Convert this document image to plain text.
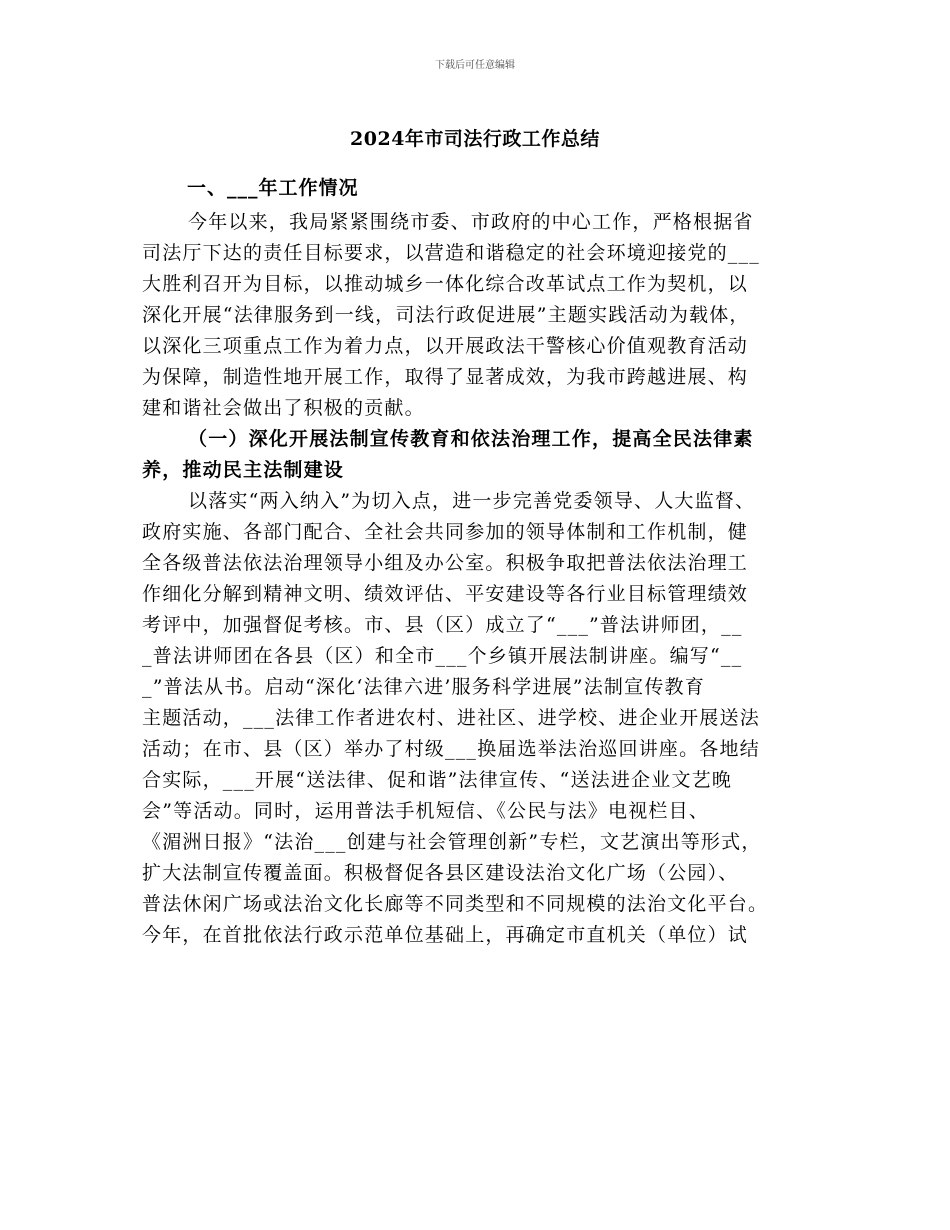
下载后可任意编辑
2024年市司法行政工作总结
一、___年工作情况
今年以来，我局紧紧围绕市委、市政府的中心工作，严格根据省
司法厅下达的责任目标要求，以营造和谐稳定的社会环境迎接党的___
大胜利召开为目标，以推动城乡一体化综合改革试点工作为契机，以
深化开展“法律服务到一线，司法行政促进展”主题实践活动为载体，
以深化三项重点工作为着力点，以开展政法干警核心价值观教育活动
为保障，制造性地开展工作，取得了显著成效，为我市跨越进展、构
建和谐社会做出了积极的贡献。
（一）深化开展法制宣传教育和依法治理工作，提高全民法律素
养，推动民主法制建设
以落实“两入纳入”为切入点，进一步完善党委领导、人大监督、
政府实施、各部门配合、全社会共同参加的领导体制和工作机制，健
全各级普法依法治理领导小组及办公室。积极争取把普法依法治理工
作细化分解到精神文明、绩效评估、平安建设等各行业目标管理绩效
考评中，加强督促考核。市、县（区）成立了“___”普法讲师团，__
_普法讲师团在各县（区）和全市___个乡镇开展法制讲座。编写“__
_”普法从书。启动“深化‘法律六进’服务科学进展”法制宣传教育
主题活动，___法律工作者进农村、进社区、进学校、进企业开展送法
活动；在市、县（区）举办了村级___换届选举法治巡回讲座。各地结
合实际，___开展“送法律、促和谐”法律宣传、“送法进企业文艺晚
会”等活动。同时，运用普法手机短信、《公民与法》电视栏目、
《湄洲日报》“法治___创建与社会管理创新”专栏，文艺演出等形式，
扩大法制宣传覆盖面。积极督促各县区建设法治文化广场（公园）、
普法休闲广场或法治文化长廊等不同类型和不同规模的法治文化平台。
今年，在首批依法行政示范单位基础上，再确定市直机关（单位）试
